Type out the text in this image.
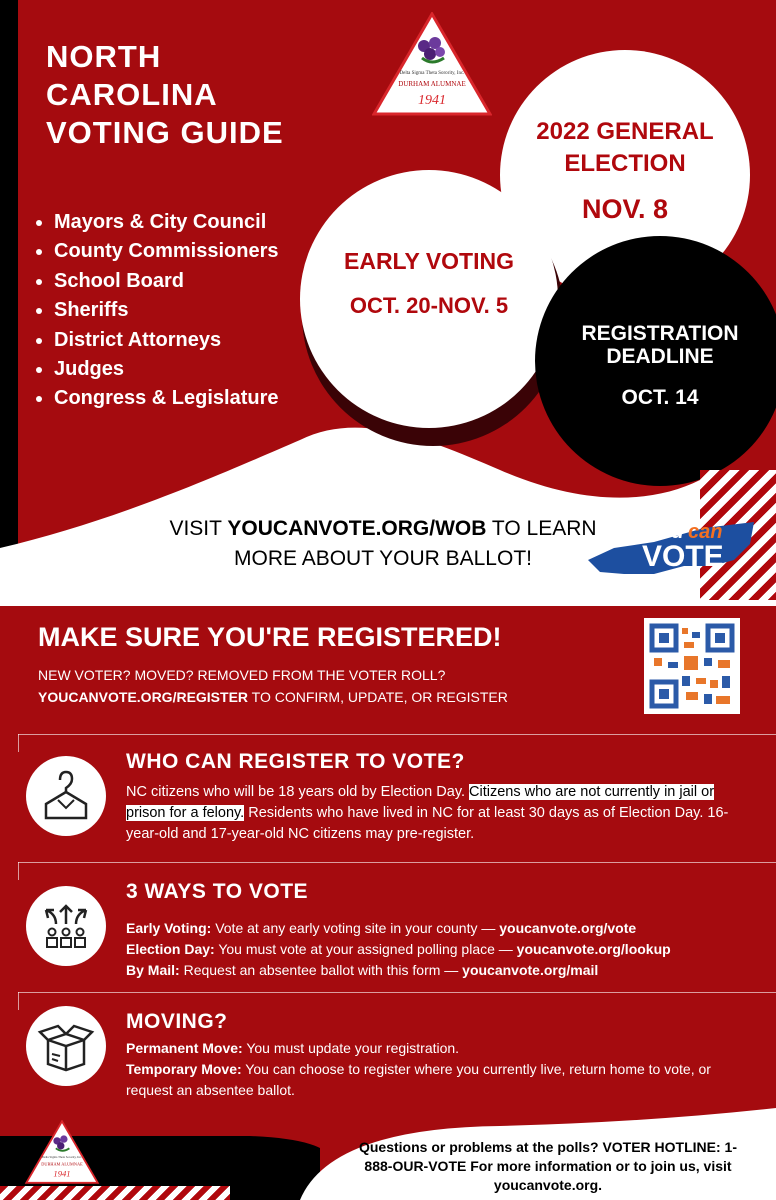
NORTH
CAROLINA
VOTING GUIDE
Delta Sigma Theta Sorority, Inc.
DURHAM ALUMNAE
1941
• Mayors & City Council
• County Commissioners
• School Board
• Sheriffs
• District Attorneys
• Judges
• Congress & Legislature
2022 GENERAL
ELECTION
NOV. 8
EARLY VOTING
OCT. 20-NOV. 5
REGISTRATION
DEADLINE
OCT. 14
VISIT YOUCANVOTE.ORG/WOB TO LEARN
MORE ABOUT YOUR BALLOT!
you can
VOTE
MAKE SURE YOU'RE REGISTERED!
NEW VOTER? MOVED? REMOVED FROM THE VOTER ROLL?
YOUCANVOTE.ORG/REGISTER TO CONFIRM, UPDATE, OR REGISTER
WHO CAN REGISTER TO VOTE?
NC citizens who will be 18 years old by Election Day. Citizens who are not currently in jail or prison for a felony. Residents who have lived in NC for at least 30 days as of Election Day. 16-year-old and 17-year-old NC citizens may pre-register.
3 WAYS TO VOTE
Early Voting: Vote at any early voting site in your county — youcanvote.org/vote
Election Day: You must vote at your assigned polling place — youcanvote.org/lookup
By Mail: Request an absentee ballot with this form — youcanvote.org/mail
MOVING?
Permanent Move: You must update your registration.
Temporary Move: You can choose to register where you currently live, return home to vote, or request an absentee ballot.
Delta Sigma Theta Sorority, Inc.
DURHAM ALUMNAE
1941
Questions or problems at the polls? VOTER HOTLINE: 1-888-OUR-VOTE For more information or to join us, visit youcanvote.org.
